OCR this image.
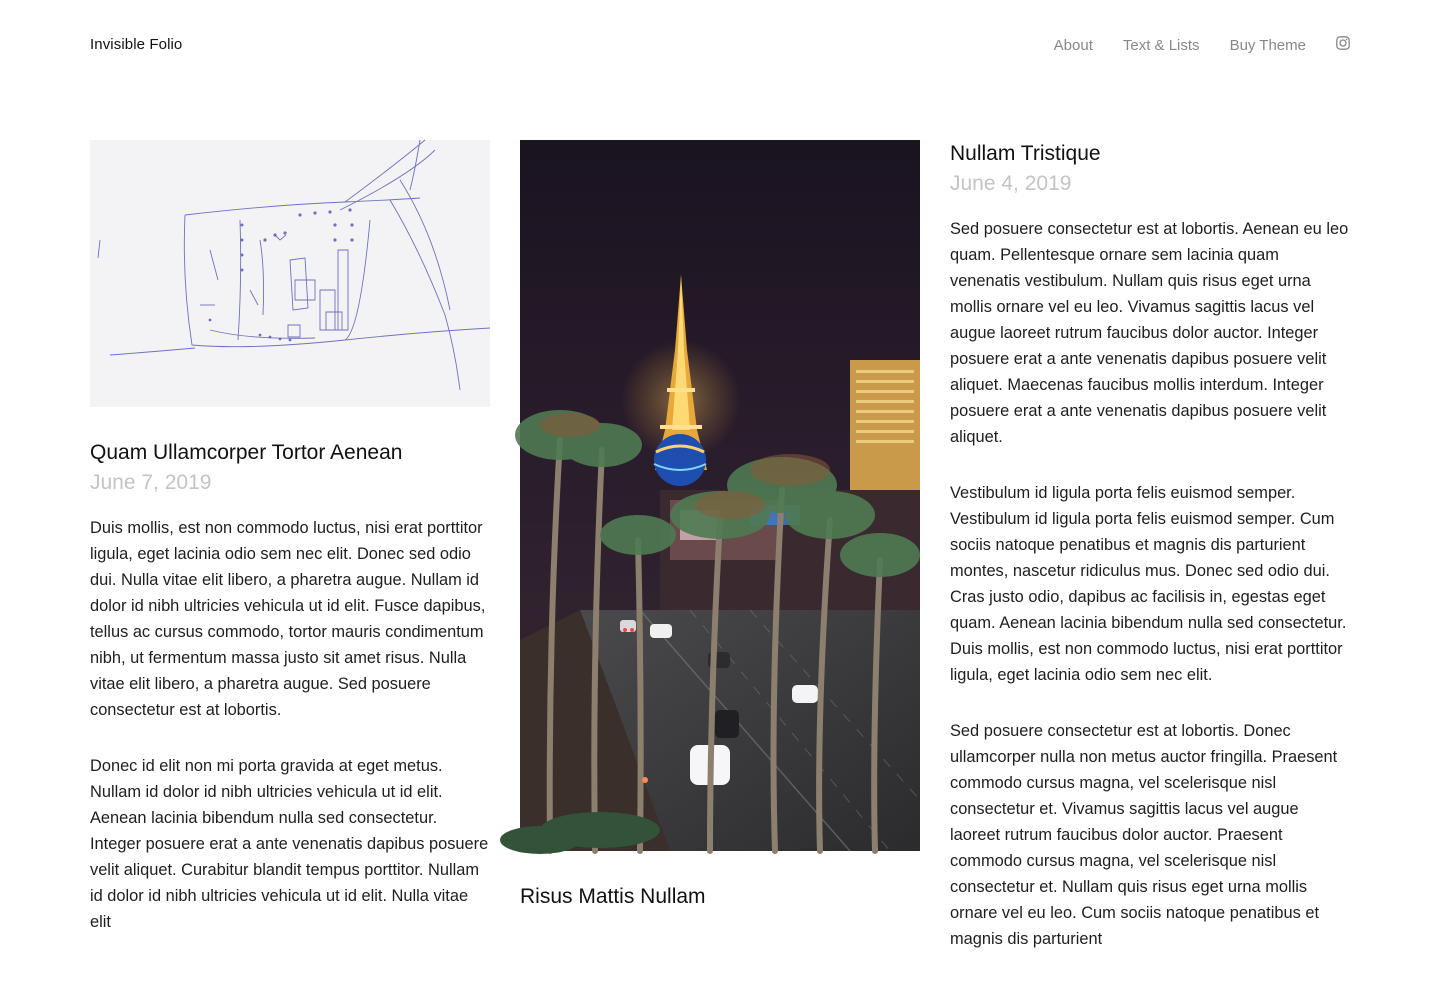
Invisible Folio	About Text & Lists Buy Theme
Quam Ullamcorper Tortor Aenean
June 7, 2019

Duis mollis, est non commodo luctus, nisi erat porttitor ligula, eget lacinia odio sem nec elit. Donec sed odio dui. Nulla vitae elit libero, a pharetra augue. Nullam id dolor id nibh ultricies vehicula ut id elit. Fusce dapibus, tellus ac cursus commodo, tortor mauris condimentum nibh, ut fermentum massa justo sit amet risus. Nulla vitae elit libero, a pharetra augue. Sed posuere consectetur est at lobortis.

Donec id elit non mi porta gravida at eget metus. Nullam id dolor id nibh ultricies vehicula ut id elit. Aenean lacinia bibendum nulla sed consectetur. Integer posuere erat a ante venenatis dapibus posuere velit aliquet. Curabitur blandit tempus porttitor. Nullam id dolor id nibh ultricies vehicula ut id elit. Nulla vitae elit

Risus Mattis Nullam
Nullam Tristique
June 4, 2019

Sed posuere consectetur est at lobortis. Aenean eu leo quam. Pellentesque ornare sem lacinia quam venenatis vestibulum. Nullam quis risus eget urna mollis ornare vel eu leo. Vivamus sagittis lacus vel augue laoreet rutrum faucibus dolor auctor. Integer posuere erat a ante venenatis dapibus posuere velit aliquet. Maecenas faucibus mollis interdum. Integer posuere erat a ante venenatis dapibus posuere velit aliquet.

Vestibulum id ligula porta felis euismod semper. Vestibulum id ligula porta felis euismod semper. Cum sociis natoque penatibus et magnis dis parturient montes, nascetur ridiculus mus. Donec sed odio dui. Cras justo odio, dapibus ac facilisis in, egestas eget quam. Aenean lacinia bibendum nulla sed consectetur. Duis mollis, est non commodo luctus, nisi erat porttitor ligula, eget lacinia odio sem nec elit.

Sed posuere consectetur est at lobortis. Donec ullamcorper nulla non metus auctor fringilla. Praesent commodo cursus magna, vel scelerisque nisl consectetur et. Vivamus sagittis lacus vel augue laoreet rutrum faucibus dolor auctor. Praesent commodo cursus magna, vel scelerisque nisl consectetur et. Nullam quis risus eget urna mollis ornare vel eu leo. Cum sociis natoque penatibus et magnis dis parturient
